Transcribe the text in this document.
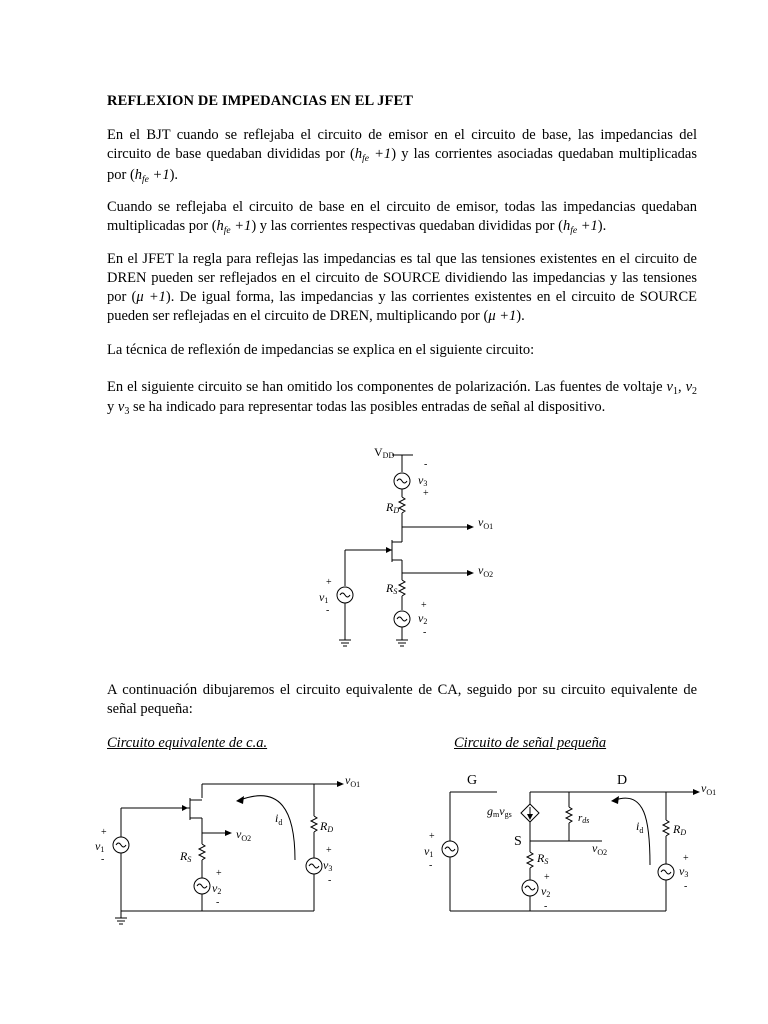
REFLEXION DE IMPEDANCIAS EN EL JFET

En el BJT cuando se reflejaba el circuito de emisor en el circuito de base, las impedancias del circuito de base quedaban divididas por $(h_{fe} +1)$ y las corrientes asociadas quedaban multiplicadas por $(h_{fe} +1)$.

Cuando se reflejaba el circuito de base en el circuito de emisor, todas las impedancias quedaban multiplicadas por $(h_{fe} +1)$ y las corrientes respectivas quedaban divididas por $(h_{fe} +1)$.

En el JFET la regla para reflejas las impedancias es tal que las tensiones existentes en el circuito de DREN pueden ser reflejados en el circuito de SOURCE dividiendo las impedancias y las tensiones por (μ +1). De igual forma, las impedancias y las corrientes existentes en el circuito de SOURCE pueden ser reflejadas en el circuito de DREN, multiplicando por (μ +1).

La técnica de reflexión de impedancias se explica en el siguiente circuito:

En el siguiente circuito se han omitido los componentes de polarización. Las fuentes de voltaje $v_1$, $v_2$ y $v_3$ se ha indicado para representar todas las posibles entradas de señal al dispositivo.

VDD
-
v3
+
RD
$v_{O1}$
$v_{O2}$
RS
+
v2
-
+
v1
-

A continuación dibujaremos el circuito equivalente de CA, seguido por su circuito equivalente de señal pequeña:

Circuito equivalente de c.a.	Circuito de señal pequeña
$v_{O1}$
$v_{O2}$
$i_d$	RD
+
v3
-
RS
+
v2
-
+
v1
-
G	D
S
$v_{O1}$
$v_{O2}$
gmvgs	rds	$i_d$ RD
+
v3
-
RS
+
v2
-
+
v1
-
